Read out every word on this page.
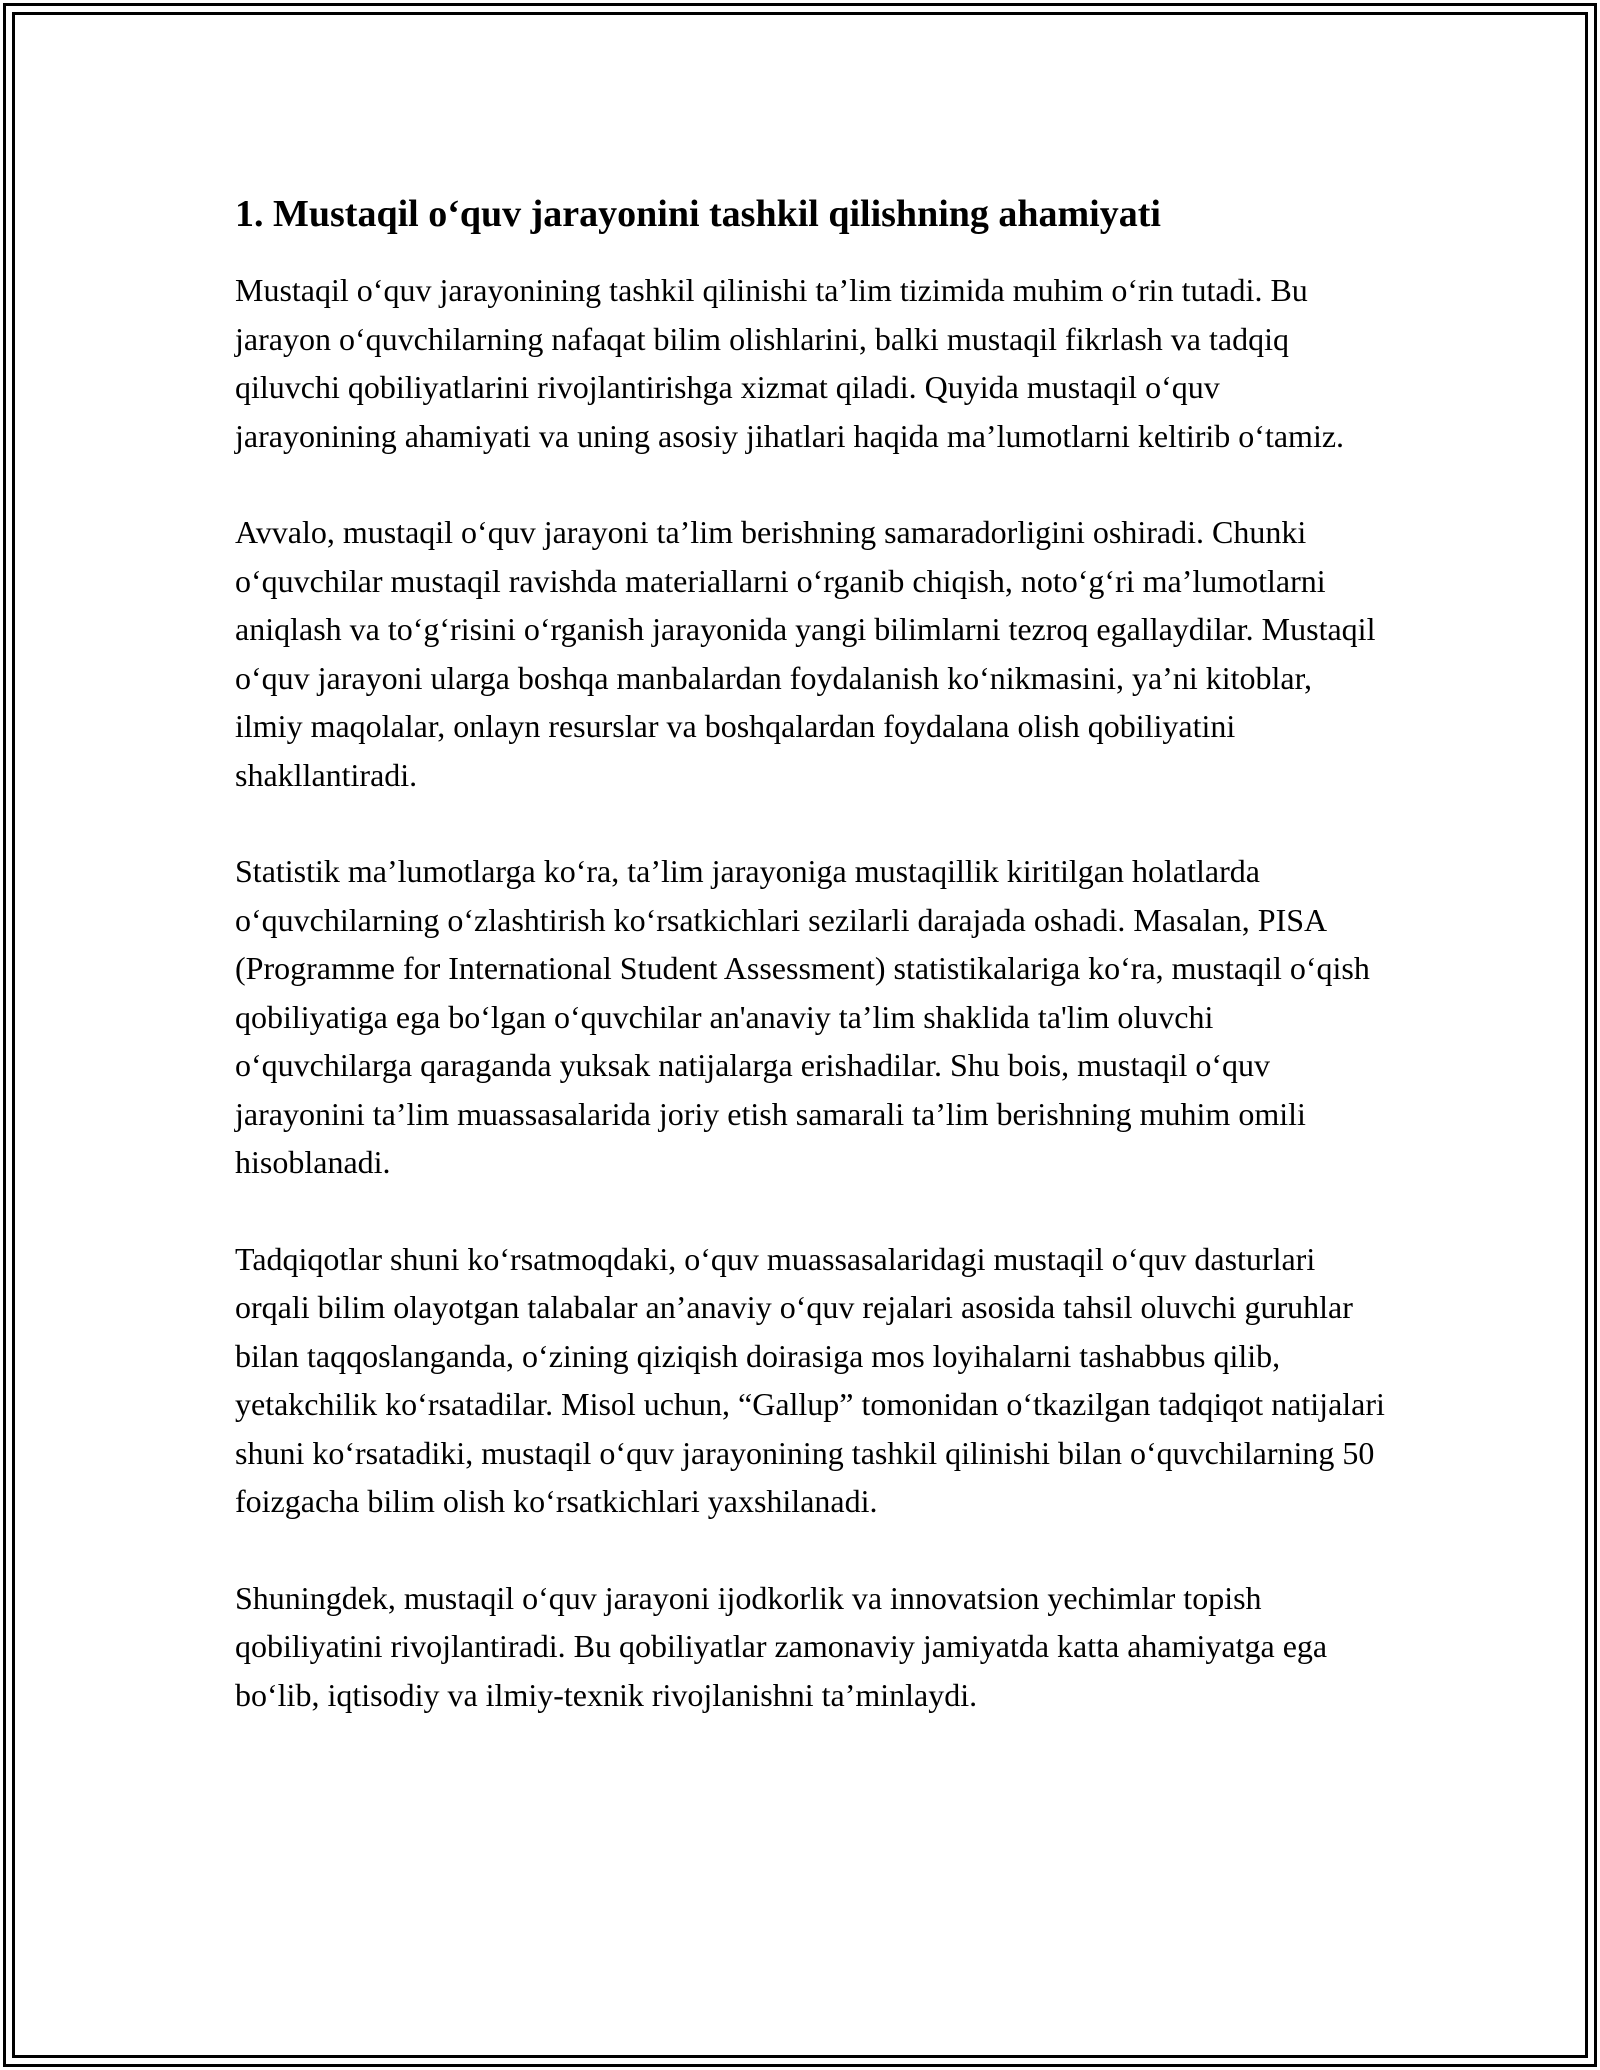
1. Mustaqil o‘quv jarayonini tashkil qilishning ahamiyati

Mustaqil o‘quv jarayonining tashkil qilinishi ta’lim tizimida muhim o‘rin tutadi. Bu jarayon o‘quvchilarning nafaqat bilim olishlarini, balki mustaqil fikrlash va tadqiq qiluvchi qobiliyatlarini rivojlantirishga xizmat qiladi. Quyida mustaqil o‘quv jarayonining ahamiyati va uning asosiy jihatlari haqida ma’lumotlarni keltirib o‘tamiz.

Avvalo, mustaqil o‘quv jarayoni ta’lim berishning samaradorligini oshiradi. Chunki o‘quvchilar mustaqil ravishda materiallarni o‘rganib chiqish, noto‘g‘ri ma’lumotlarni aniqlash va to‘g‘risini o‘rganish jarayonida yangi bilimlarni tezroq egallaydilar. Mustaqil o‘quv jarayoni ularga boshqa manbalardan foydalanish ko‘nikmasini, ya’ni kitoblar, ilmiy maqolalar, onlayn resurslar va boshqalardan foydalana olish qobiliyatini shakllantiradi.

Statistik ma’lumotlarga ko‘ra, ta’lim jarayoniga mustaqillik kiritilgan holatlarda o‘quvchilarning o‘zlashtirish ko‘rsatkichlari sezilarli darajada oshadi. Masalan, PISA (Programme for International Student Assessment) statistikalariga ko‘ra, mustaqil o‘qish qobiliyatiga ega bo‘lgan o‘quvchilar an'anaviy ta’lim shaklida ta'lim oluvchi o‘quvchilarga qaraganda yuksak natijalarga erishadilar. Shu bois, mustaqil o‘quv jarayonini ta’lim muassasalarida joriy etish samarali ta’lim berishning muhim omili hisoblanadi.

Tadqiqotlar shuni ko‘rsatmoqdaki, o‘quv muassasalaridagi mustaqil o‘quv dasturlari orqali bilim olayotgan talabalar an’anaviy o‘quv rejalari asosida tahsil oluvchi guruhlar bilan taqqoslanganda, o‘zining qiziqish doirasiga mos loyihalarni tashabbus qilib, yetakchilik ko‘rsatadilar. Misol uchun, “Gallup” tomonidan o‘tkazilgan tadqiqot natijalari shuni ko‘rsatadiki, mustaqil o‘quv jarayonining tashkil qilinishi bilan o‘quvchilarning 50 foizgacha bilim olish ko‘rsatkichlari yaxshilanadi.

Shuningdek, mustaqil o‘quv jarayoni ijodkorlik va innovatsion yechimlar topish qobiliyatini rivojlantiradi. Bu qobiliyatlar zamonaviy jamiyatda katta ahamiyatga ega bo‘lib, iqtisodiy va ilmiy-texnik rivojlanishni ta’minlaydi.
